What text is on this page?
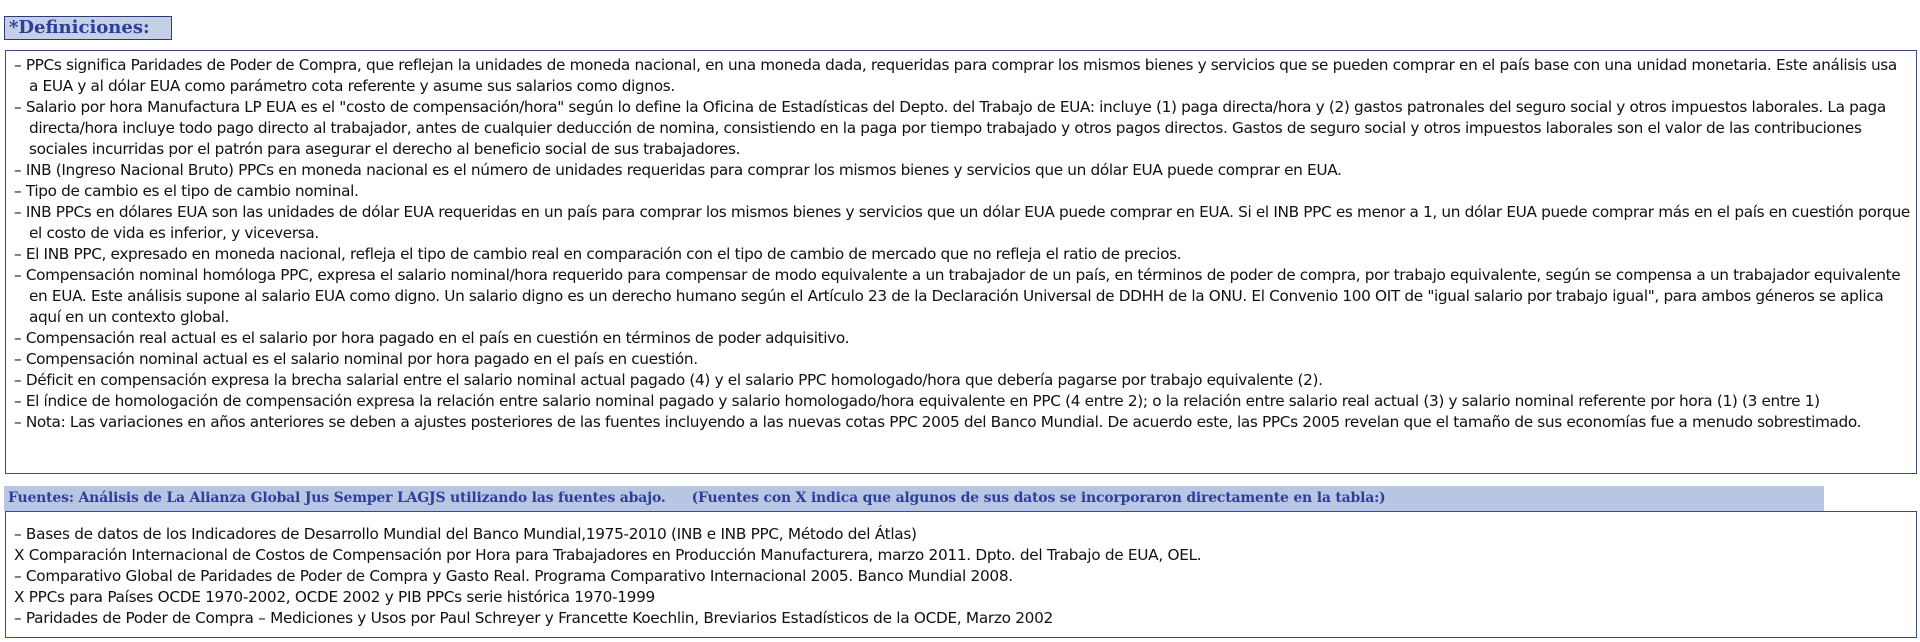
*Definiciones:
– PPCs significa Paridades de Poder de Compra, que reflejan la unidades de moneda nacional, en una moneda dada, requeridas para comprar los mismos bienes y servicios que se pueden comprar en el país base con una unidad monetaria. Este análisis usa a EUA y al dólar EUA como parámetro cota referente y asume sus salarios como dignos.
– Salario por hora Manufactura LP EUA es el "costo de compensación/hora" según lo define la Oficina de Estadísticas del Depto. del Trabajo de EUA: incluye (1) paga directa/hora y (2) gastos patronales del seguro social y otros impuestos laborales. La paga directa/hora incluye todo pago directo al trabajador, antes de cualquier deducción de nomina, consistiendo en la paga por tiempo trabajado y otros pagos directos. Gastos de seguro social y otros impuestos laborales son el valor de las contribuciones sociales incurridas por el patrón para asegurar el derecho al beneficio social de sus trabajadores.
– INB (Ingreso Nacional Bruto) PPCs en moneda nacional es el número de unidades requeridas para comprar los mismos bienes y servicios que un dólar EUA puede comprar en EUA.
– Tipo de cambio es el tipo de cambio nominal.
– INB PPCs en dólares EUA son las unidades de dólar EUA requeridas en un país para comprar los mismos bienes y servicios que un dólar EUA puede comprar en EUA. Si el INB PPC es menor a 1, un dólar EUA puede comprar más en el país en cuestión porque el costo de vida es inferior, y viceversa.
– El INB PPC, expresado en moneda nacional, refleja el tipo de cambio real en comparación con el tipo de cambio de mercado que no refleja el ratio de precios.
– Compensación nominal homóloga PPC, expresa el salario nominal/hora requerido para compensar de modo equivalente a un trabajador de un país, en términos de poder de compra, por trabajo equivalente, según se compensa a un trabajador equivalente en EUA. Este análisis supone al salario EUA como digno. Un salario digno es un derecho humano según el Artículo 23 de la Declaración Universal de DDHH de la ONU. El Convenio 100 OIT de "igual salario por trabajo igual", para ambos géneros se aplica aquí en un contexto global.
– Compensación real actual es el salario por hora pagado en el país en cuestión en términos de poder adquisitivo.
– Compensación nominal actual es el salario nominal por hora pagado en el país en cuestión.
– Déficit en compensación expresa la brecha salarial entre el salario nominal actual pagado (4) y el salario PPC homologado/hora que debería pagarse por trabajo equivalente (2).
– El índice de homologación de compensación expresa la relación entre salario nominal pagado y salario homologado/hora equivalente en PPC (4 entre 2); o la relación entre salario real actual (3) y salario nominal referente por hora (1) (3 entre 1)
– Nota: Las variaciones en años anteriores se deben a ajustes posteriores de las fuentes incluyendo a las nuevas cotas PPC 2005 del Banco Mundial. De acuerdo este, las PPCs 2005 revelan que el tamaño de sus economías fue a menudo sobrestimado.
Fuentes: Análisis de La Alianza Global Jus Semper LAGJS utilizando las fuentes abajo. (Fuentes con X indica que algunos de sus datos se incorporaron directamente en la tabla:)
– Bases de datos de los Indicadores de Desarrollo Mundial del Banco Mundial,1975-2010 (INB e INB PPC, Método del Átlas)
X Comparación Internacional de Costos de Compensación por Hora para Trabajadores en Producción Manufacturera, marzo 2011. Dpto. del Trabajo de EUA, OEL.
– Comparativo Global de Paridades de Poder de Compra y Gasto Real. Programa Comparativo Internacional 2005. Banco Mundial 2008.
X PPCs para Países OCDE 1970-2002, OCDE 2002 y PIB PPCs serie histórica 1970-1999
– Paridades de Poder de Compra – Mediciones y Usos por Paul Schreyer y Francette Koechlin, Breviarios Estadísticos de la OCDE, Marzo 2002
